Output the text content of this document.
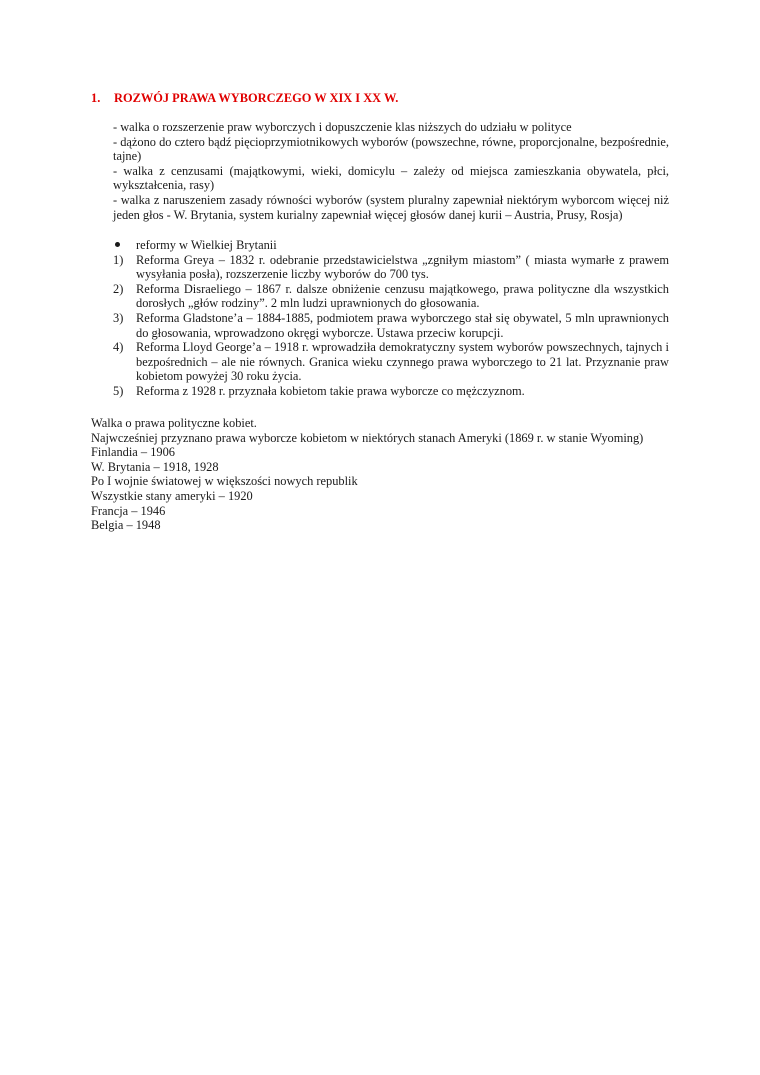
1.	ROZWÓJ PRAWA WYBORCZEGO W XIX I XX W.

- walka o rozszerzenie praw wyborczych i dopuszczenie klas niższych do udziału w polityce

- dążono do cztero bądź pięcioprzymiotnikowych wyborów (powszechne, równe, proporcjonalne, bezpośrednie, tajne)

- walka z cenzusami (majątkowymi, wieki, domicylu – zależy od miejsca zamieszkania obywatela, płci, wykształcenia, rasy)

- walka z naruszeniem zasady równości wyborów (system pluralny zapewniał niektórym wyborcom więcej niż jeden głos - W. Brytania, system kurialny zapewniał więcej głosów danej kurii – Austria, Prusy, Rosja)

reformy w Wielkiej Brytanii
1)	Reforma Greya – 1832 r. odebranie przedstawicielstwa „zgniłym miastom” ( miasta wymarłe z prawem wysyłania posła), rozszerzenie liczby wyborów do 700 tys.
2)	Reforma Disraeliego – 1867 r. dalsze obniżenie cenzusu majątkowego, prawa polityczne dla wszystkich dorosłych „głów rodziny”. 2 mln ludzi uprawnionych do głosowania.
3)	Reforma Gladstone’a – 1884-1885, podmiotem prawa wyborczego stał się obywatel, 5 mln uprawnionych do głosowania, wprowadzono okręgi wyborcze. Ustawa przeciw korupcji.
4)	Reforma Lloyd George’a – 1918 r. wprowadziła demokratyczny system wyborów powszechnych, tajnych i bezpośrednich – ale nie równych. Granica wieku czynnego prawa wyborczego to 21 lat. Przyznanie praw kobietom powyżej 30 roku życia.
5)	Reforma z 1928 r. przyznała kobietom takie prawa wyborcze co mężczyznom.

Walka o prawa polityczne kobiet.

Najwcześniej przyznano prawa wyborcze kobietom w niektórych stanach Ameryki (1869 r. w stanie Wyoming)

Finlandia – 1906

W. Brytania – 1918, 1928

Po I wojnie światowej w większości nowych republik

Wszystkie stany ameryki – 1920

Francja – 1946

Belgia – 1948
